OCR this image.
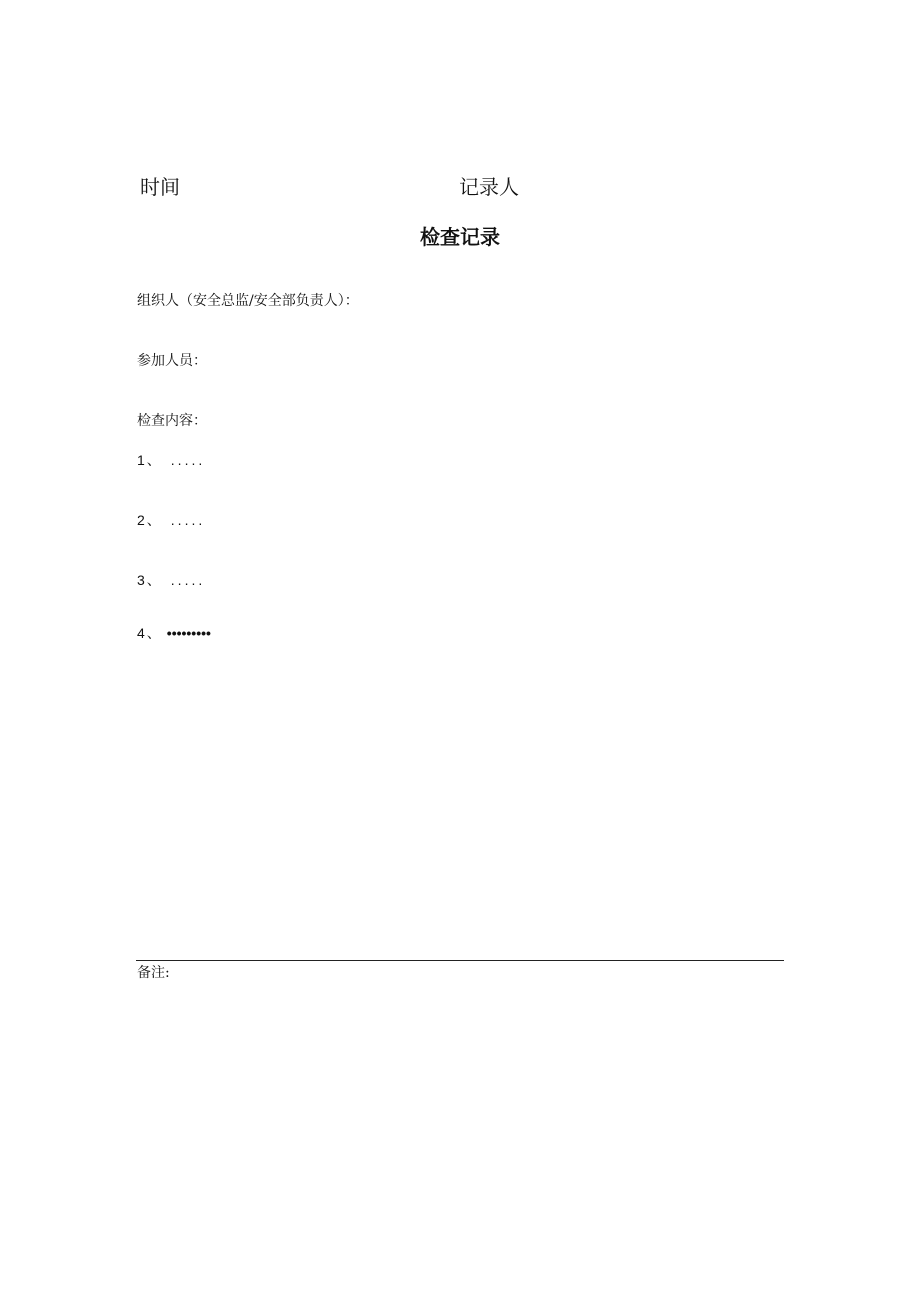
时间	记录人
检查记录
组织人（安全总监/安全部负责人）：
参加人员：
检查内容：
1 、 .....
2 、 .....
3 、 .....
4 、 •••••••••
备注:
